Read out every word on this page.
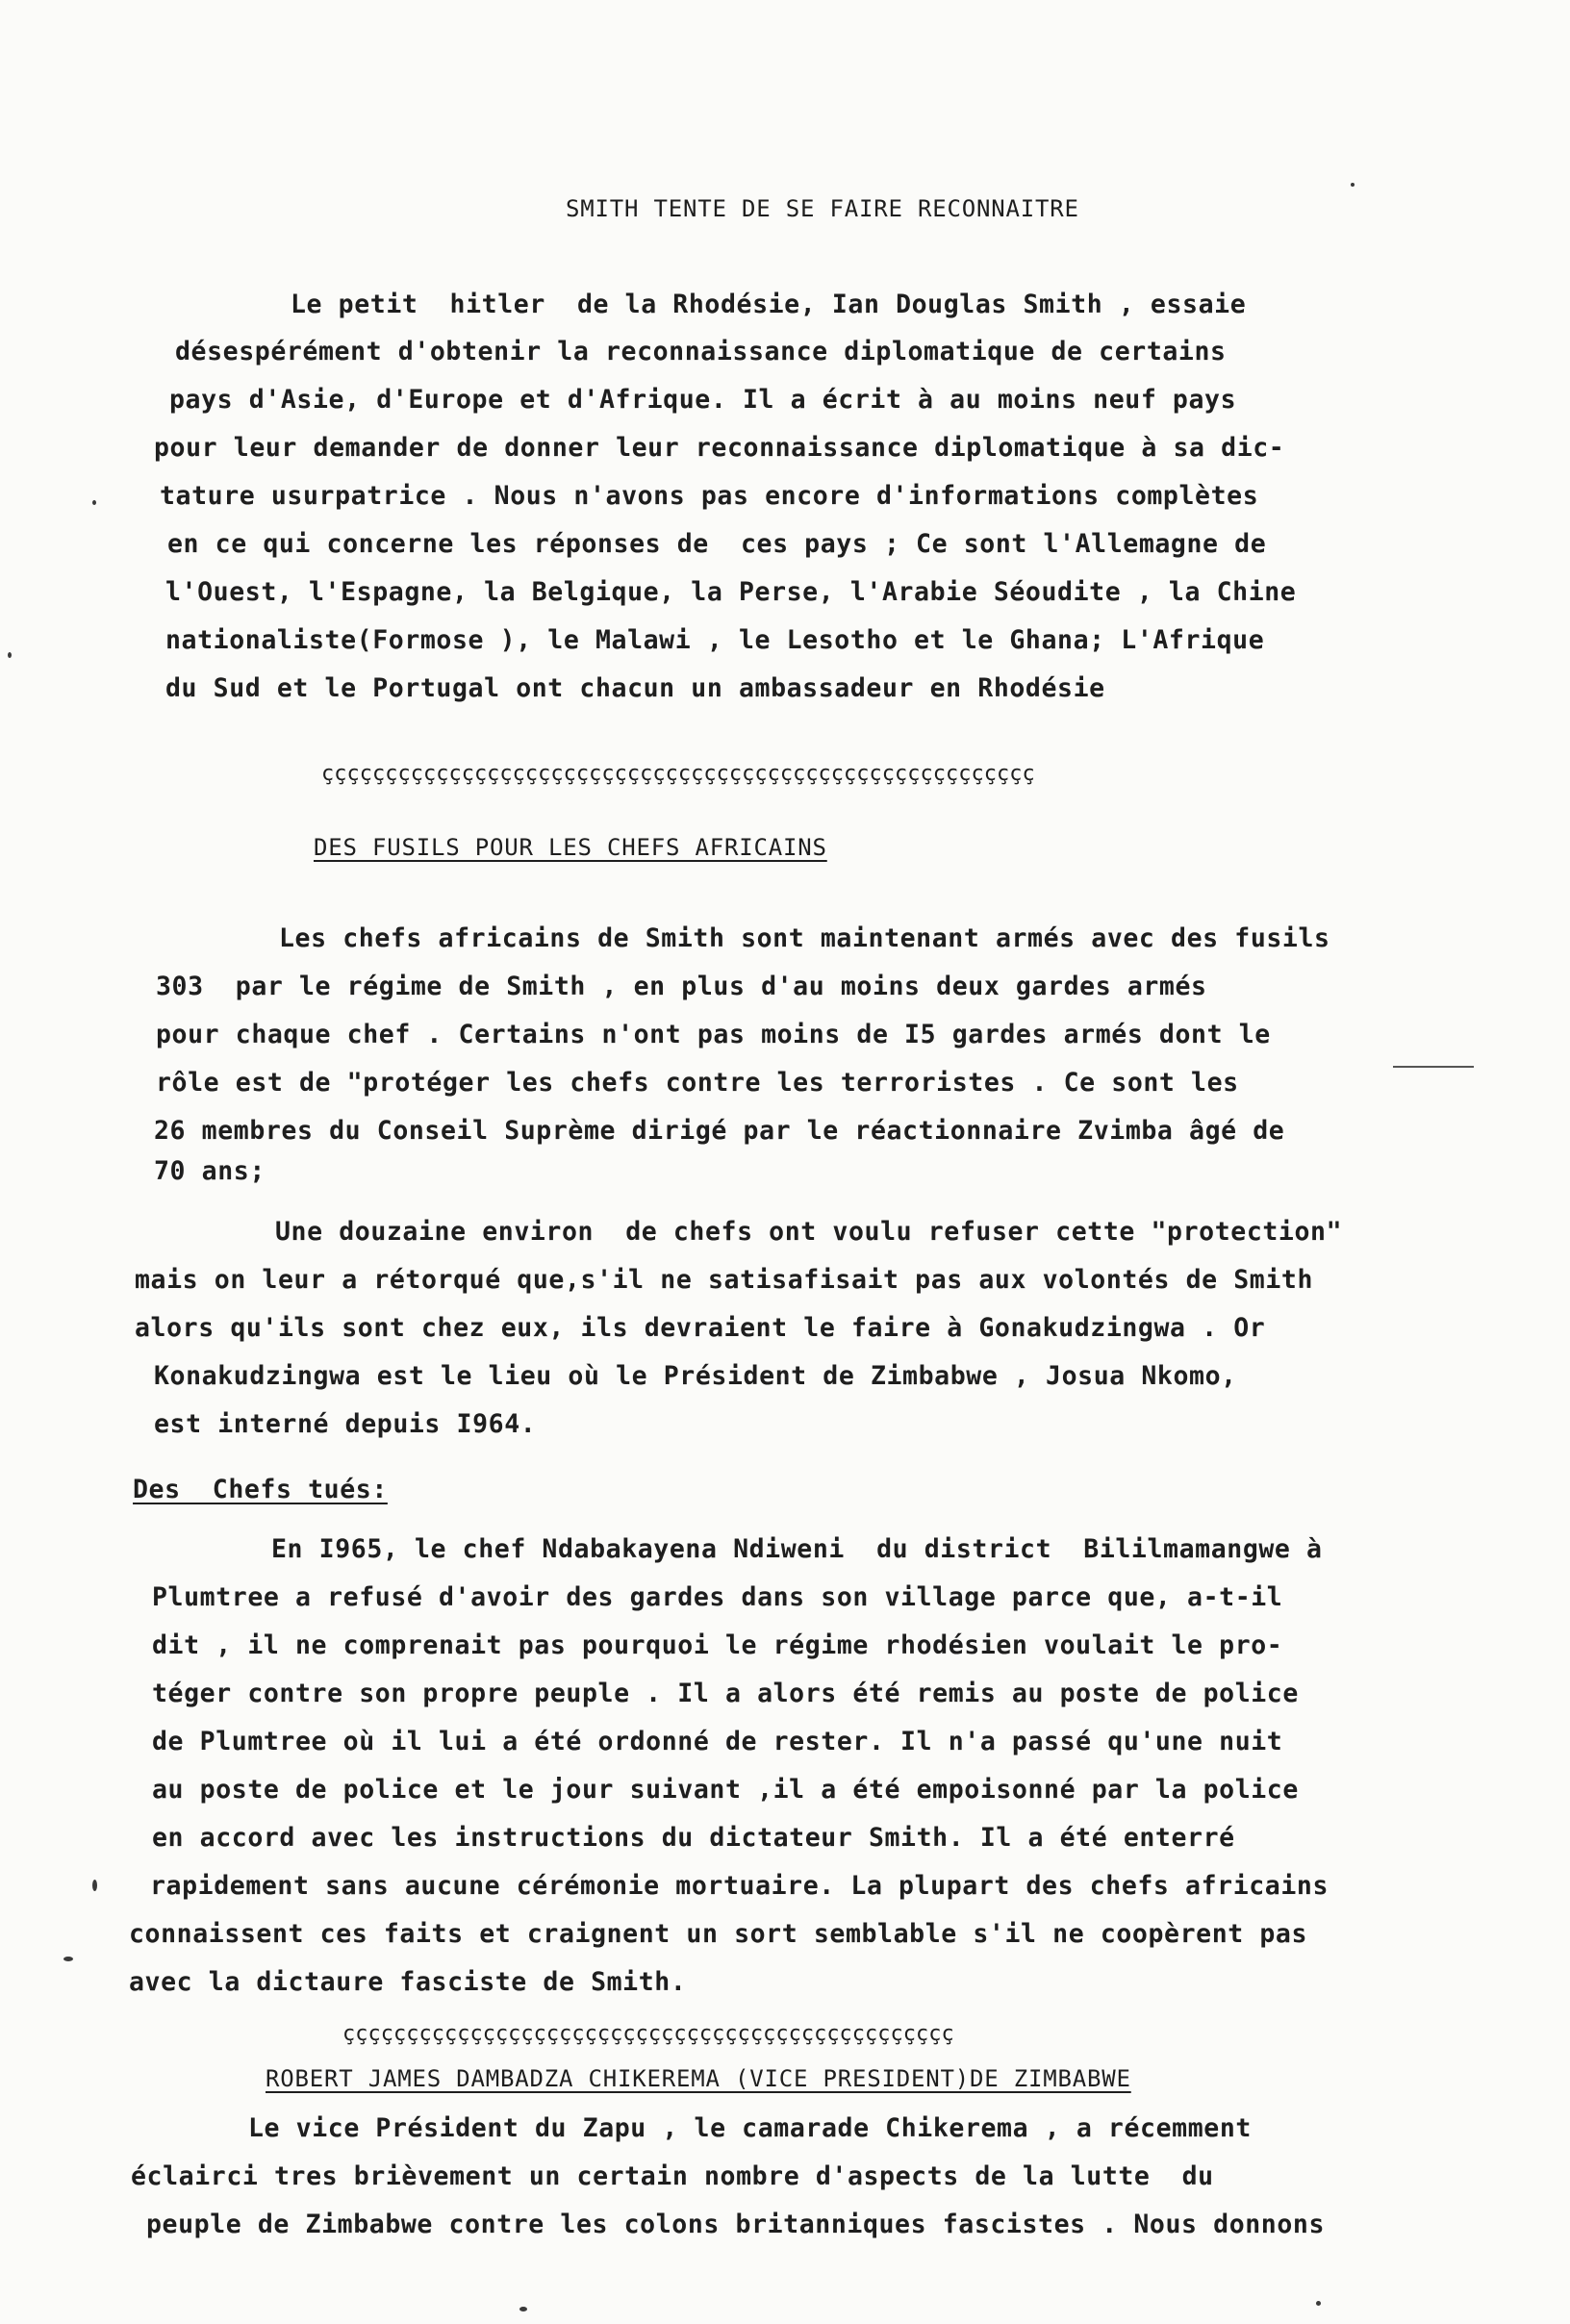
SMITH TENTE DE SE FAIRE RECONNAITRE
Le petit  hitler  de la Rhodésie, Ian Douglas Smith , essaie
désespérément d'obtenir la reconnaissance diplomatique de certains
pays d'Asie, d'Europe et d'Afrique. Il a écrit à au moins neuf pays
pour leur demander de donner leur reconnaissance diplomatique à sa dic-
tature usurpatrice . Nous n'avons pas encore d'informations complètes
en ce qui concerne les réponses de  ces pays ; Ce sont l'Allemagne de
l'Ouest, l'Espagne, la Belgique, la Perse, l'Arabie Séoudite , la Chine
nationaliste(Formose ), le Malawi , le Lesotho et le Ghana; L'Afrique
du Sud et le Portugal ont chacun un ambassadeur en Rhodésie
çççççççççççççççççççççççççççççççççççççççççççççççççççççççç
DES FUSILS POUR LES CHEFS AFRICAINS
Les chefs africains de Smith sont maintenant armés avec des fusils
303  par le régime de Smith , en plus d'au moins deux gardes armés
pour chaque chef . Certains n'ont pas moins de I5 gardes armés dont le
rôle est de "protéger les chefs contre les terroristes . Ce sont les
26 membres du Conseil Suprème dirigé par le réactionnaire Zvimba âgé de
70 ans;
Une douzaine environ  de chefs ont voulu refuser cette "protection"
mais on leur a rétorqué que,s'il ne satisafisait pas aux volontés de Smith
alors qu'ils sont chez eux, ils devraient le faire à Gonakudzingwa . Or
Konakudzingwa est le lieu où le Président de Zimbabwe , Josua Nkomo,
est interné depuis I964.
Des  Chefs tués:
En I965, le chef Ndabakayena Ndiweni  du district  Bililmamangwe à
Plumtree a refusé d'avoir des gardes dans son village parce que, a-t-il
dit , il ne comprenait pas pourquoi le régime rhodésien voulait le pro-
téger contre son propre peuple . Il a alors été remis au poste de police
de Plumtree où il lui a été ordonné de rester. Il n'a passé qu'une nuit
au poste de police et le jour suivant ,il a été empoisonné par la police
en accord avec les instructions du dictateur Smith. Il a été enterré
rapidement sans aucune cérémonie mortuaire. La plupart des chefs africains
connaissent ces faits et craignent un sort semblable s'il ne coopèrent pas
avec la dictaure fasciste de Smith.
çççççççççççççççççççççççççççççççççççççççççççççççç
ROBERT JAMES DAMBADZA CHIKEREMA (VICE PRESIDENT)DE ZIMBABWE
Le vice Président du Zapu , le camarade Chikerema , a récemment
éclairci tres brièvement un certain nombre d'aspects de la lutte  du
peuple de Zimbabwe contre les colons britanniques fascistes . Nous donnons
